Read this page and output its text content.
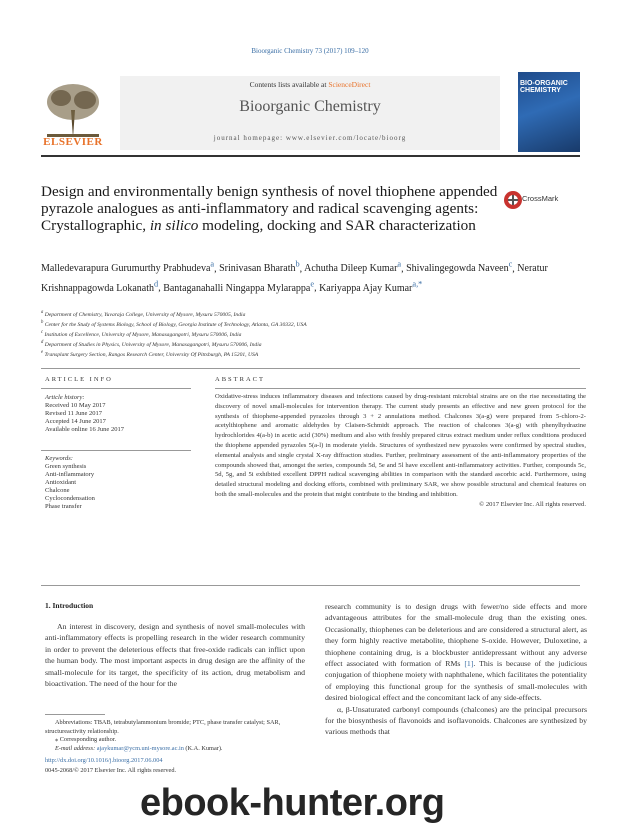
Bioorganic Chemistry 73 (2017) 109–120
ELSEVIER
Contents lists available at ScienceDirect
Bioorganic Chemistry
journal homepage: www.elsevier.com/locate/bioorg
BIO-ORGANIC CHEMISTRY
Design and environmentally benign synthesis of novel thiophene appended pyrazole analogues as anti-inflammatory and radical scavenging agents: Crystallographic, in silico modeling, docking and SAR characterization
CrossMark
Malledevarapura Gurumurthy Prabhudeva$^a$, Srinivasan Bharath$^b$, Achutha Dileep Kumar$^a$, Shivalingegowda Naveen$^c$, Neratur Krishnappagowda Lokanath$^d$, Bantaganahalli Ningappa Mylarappa$^e$, Kariyappa Ajay Kumar$^{a,*}$
$^a$ Department of Chemistry, Yuvaraja College, University of Mysore, Mysuru 570005, India
$^b$ Center for the Study of Systems Biology, School of Biology, Georgia Institute of Technology, Atlanta, GA 30332, USA
$^c$ Institution of Excellence, University of Mysore, Manasagangotri, Mysuru 570006, India
$^d$ Department of Studies in Physics, University of Mysore, Manasagangotri, Mysuru 570006, India
$^e$ Transplant Surgery Section, Rangos Research Center, University Of Pittsburgh, PA 15201, USA
ARTICLE INFO
Article history:
Received 10 May 2017
Revised 11 June 2017
Accepted 14 June 2017
Available online 16 June 2017
Keywords:
Green synthesis
Anti-inflammatory
Antioxidant
Chalcone
Cyclocondensation
Phase transfer
ABSTRACT
Oxidative-stress induces inflammatory diseases and infections caused by drug-resistant microbial strains are on the rise necessitating the discovery of novel small-molecules for intervention therapy. The current study presents an effective and new green protocol for the synthesis of thiophene-appended pyrazoles through 3 + 2 annulations method. Chalcones 3(a-g) were prepared from 5-chloro-2-acetylthiophene and aromatic aldehydes by Claisen-Schmidt approach. The reaction of chalcones 3(a-g) with phenylhydrazine hydrochlorides 4(a-b) in acetic acid (30%) medium and also with freshly prepared citrus extract medium under reflux conditions produced the thiophene appended pyrazoles 5(a-l) in moderate yields. Structures of synthesized new pyrazoles were confirmed by spectral studies, elemental analysis and single crystal X-ray diffraction studies. Further, preliminary assessment of the anti-inflammatory properties of the compounds showed that, amongst the series, compounds 5d, 5e and 5l have excellent anti-inflammatory activities. Further, compounds 5c, 5d, 5g, and 5i exhibited excellent DPPH radical scavenging abilities in comparison with the standard ascorbic acid. Furthermore, using detailed structural modeling and docking efforts, combined with preliminary SAR, we show possible structural and chemical features on both the small-molecules and the protein that might contribute to the binding and inhibition.
© 2017 Elsevier Inc. All rights reserved.
1. Introduction
An interest in discovery, design and synthesis of novel small-molecules with anti-inflammatory effects is propelling research in the wider research community in order to prevent the deleterious effects that free-oxide radicals can inflict upon the human body. The most important aspects in drug design are the affinity of the small-molecule for its target, the specificity of its action, drug metabolism and bioactivation. The need of the hour for the
research community is to design drugs with fewer/no side effects and more advantageous attributes for the small-molecule drug than the existing ones. Occasionally, thiophenes can be deleterious and are considered a structural alert, as they form highly reactive metabolite, thiophene S-oxide. However, Duloxetine, a thiophene containing drug, is a blockbuster antidepressant without any adverse effect associated with formation of RMs [1]. This is because of the judicious conjugation of thiophene moiety with naphthalene, which facilitates the potentiality of employing this functional group for the synthesis of small-molecules with desired biological effect and the concomitant lack of any side-effects.
α, β-Unsaturated carbonyl compounds (chalcones) are the principal precursors for the biosynthesis of flavonoids and isoflavonoids. Chalcones are synthesized by various methods that
Abbreviations: TBAB, tetrabutylammonium bromide; PTC, phase transfer catalyst; SAR, structureactivity relationship.
⁎ Corresponding author.
E-mail address: ajaykumar@ycm.uni-mysore.ac.in (K.A. Kumar).
http://dx.doi.org/10.1016/j.bioorg.2017.06.004
0045-2068/© 2017 Elsevier Inc. All rights reserved.
ebook-hunter.org
